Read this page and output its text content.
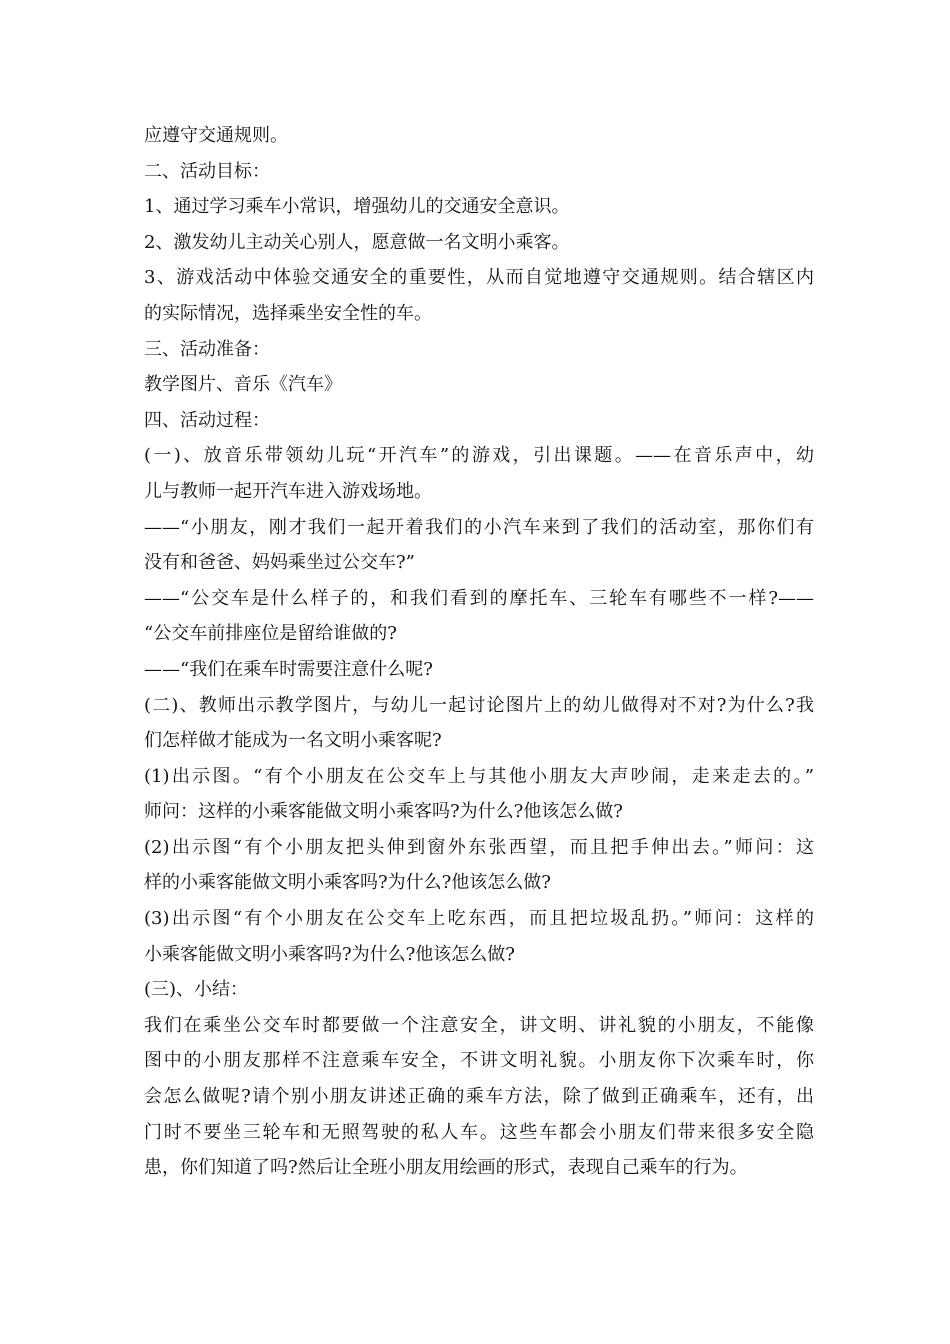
应遵守交通规则。
二、活动目标：
1、通过学习乘车小常识，增强幼儿的交通安全意识。
2、激发幼儿主动关心别人，愿意做一名文明小乘客。
3、游戏活动中体验交通安全的重要性，从而自觉地遵守交通规则。结合辖区内
的实际情况，选择乘坐安全性的车。
三、活动准备：
教学图片、音乐《汽车》
四、活动过程：
(一)、放音乐带领幼儿玩“开汽车”的游戏，引出课题。——在音乐声中，幼
儿与教师一起开汽车进入游戏场地。
——“小朋友，刚才我们一起开着我们的小汽车来到了我们的活动室，那你们有
没有和爸爸、妈妈乘坐过公交车?”
——“公交车是什么样子的，和我们看到的摩托车、三轮车有哪些不一样?——
“公交车前排座位是留给谁做的?
——“我们在乘车时需要注意什么呢?
(二)、教师出示教学图片，与幼儿一起讨论图片上的幼儿做得对不对?为什么?我
们怎样做才能成为一名文明小乘客呢?
(1)出示图。“有个小朋友在公交车上与其他小朋友大声吵闹，走来走去的。”
师问：这样的小乘客能做文明小乘客吗?为什么?他该怎么做?
(2)出示图“有个小朋友把头伸到窗外东张西望，而且把手伸出去。”师问：这
样的小乘客能做文明小乘客吗?为什么?他该怎么做?
(3)出示图“有个小朋友在公交车上吃东西，而且把垃圾乱扔。”师问：这样的
小乘客能做文明小乘客吗?为什么?他该怎么做?
(三)、小结：
我们在乘坐公交车时都要做一个注意安全，讲文明、讲礼貌的小朋友，不能像
图中的小朋友那样不注意乘车安全，不讲文明礼貌。小朋友你下次乘车时，你
会怎么做呢?请个别小朋友讲述正确的乘车方法，除了做到正确乘车，还有，出
门时不要坐三轮车和无照驾驶的私人车。这些车都会小朋友们带来很多安全隐
患，你们知道了吗?然后让全班小朋友用绘画的形式，表现自己乘车的行为。
